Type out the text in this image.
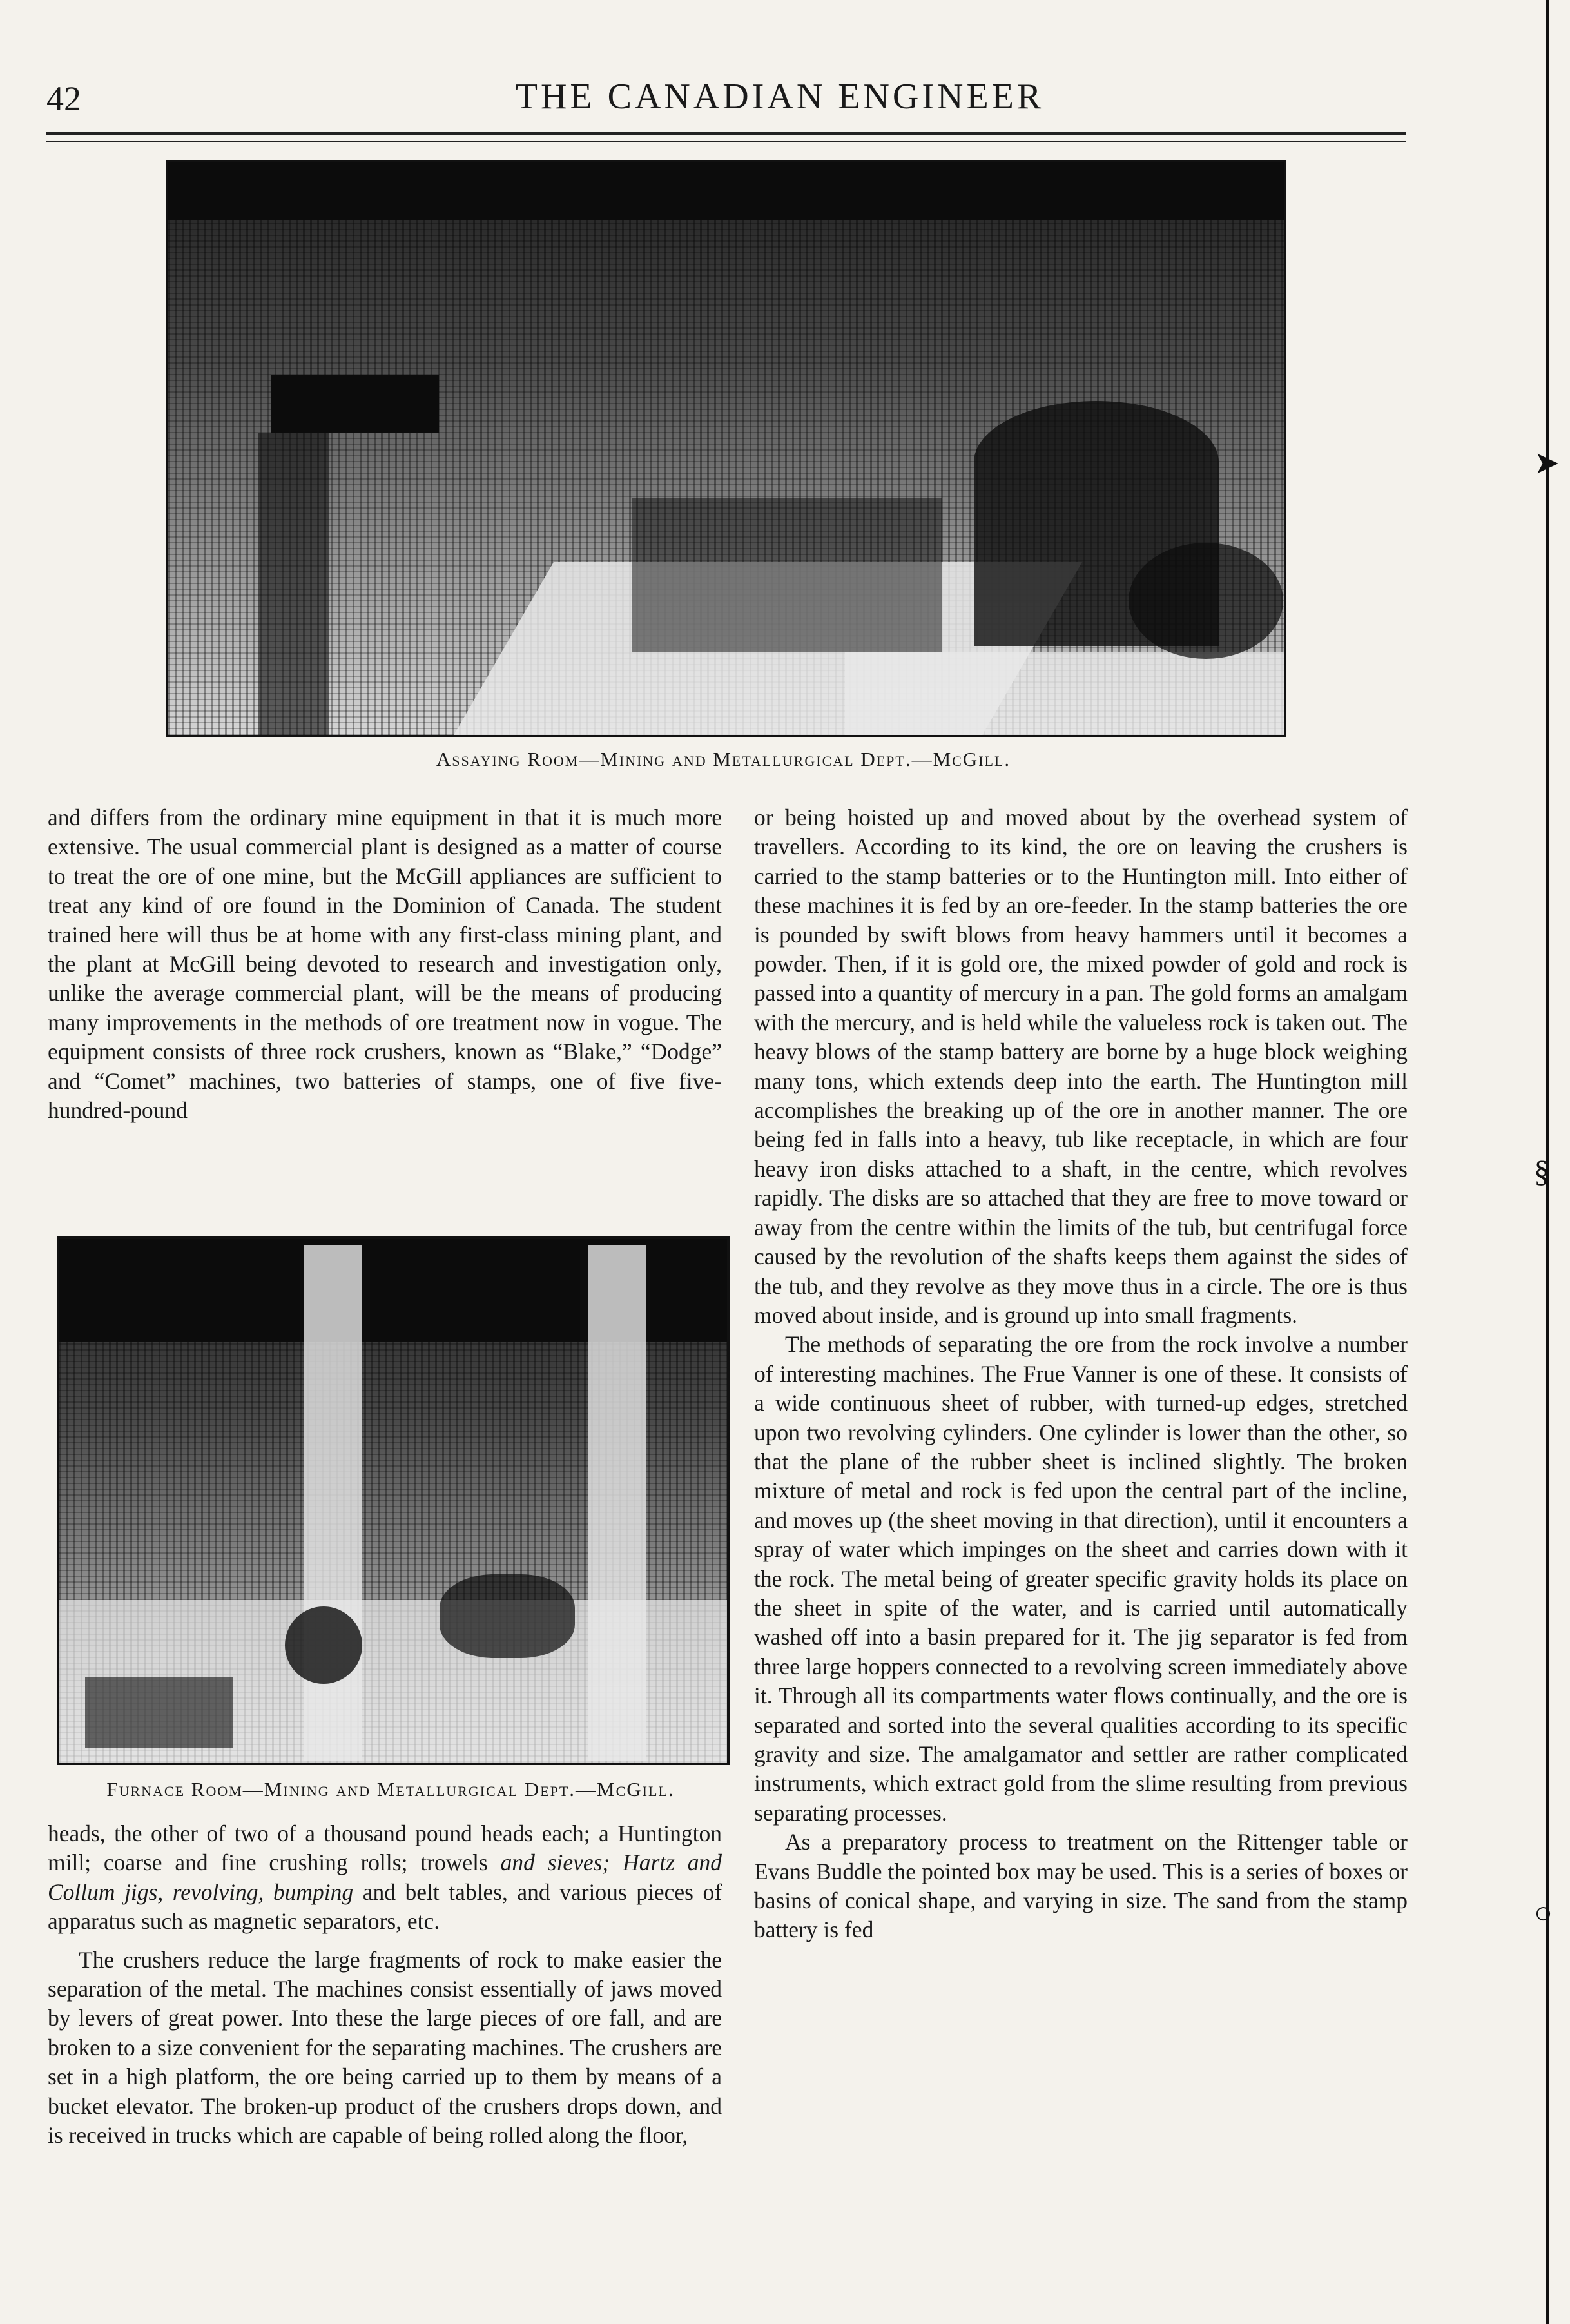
42	THE CANADIAN ENGINEER
Assaying Room—Mining and Metallurgical Dept.—McGill.
Furnace Room—Mining and Metallurgical Dept.—McGill.

and differs from the ordinary mine equipment in that it is much more extensive. The usual commercial plant is designed as a matter of course to treat the ore of one mine, but the McGill appliances are sufficient to treat any kind of ore found in the Dominion of Canada. The student trained here will thus be at home with any first-class mining plant, and the plant at McGill being devoted to research and investigation only, unlike the average commercial plant, will be the means of producing many improvements in the methods of ore treatment now in vogue. The equipment consists of three rock crushers, known as “Blake,” “Dodge” and “Comet” machines, two batteries of stamps, one of five five-hundred-pound

heads, the other of two of a thousand pound heads each; a Huntington mill; coarse and fine crushing rolls; trowels and sieves; Hartz and Collum jigs, revolving, bumping and belt tables, and various pieces of apparatus such as magnetic separators, etc.

The crushers reduce the large fragments of rock to make easier the separation of the metal. The machines consist essentially of jaws moved by levers of great power. Into these the large pieces of ore fall, and are broken to a size convenient for the separating machines. The crushers are set in a high platform, the ore being carried up to them by means of a bucket elevator. The broken-up product of the crushers drops down, and is received in trucks which are capable of being rolled along the floor,

or being hoisted up and moved about by the overhead system of travellers. According to its kind, the ore on leaving the crushers is carried to the stamp batteries or to the Huntington mill. Into either of these machines it is fed by an ore-feeder. In the stamp batteries the ore is pounded by swift blows from heavy hammers until it becomes a powder. Then, if it is gold ore, the mixed powder of gold and rock is passed into a quantity of mercury in a pan. The gold forms an amalgam with the mercury, and is held while the valueless rock is taken out. The heavy blows of the stamp battery are borne by a huge block weighing many tons, which extends deep into the earth. The Huntington mill accomplishes the breaking up of the ore in another manner. The ore being fed in falls into a heavy, tub like receptacle, in which are four heavy iron disks attached to a shaft, in the centre, which revolves rapidly. The disks are so attached that they are free to move toward or away from the centre within the limits of the tub, but centrifugal force caused by the revolution of the shafts keeps them against the sides of the tub, and they revolve as they move thus in a circle. The ore is thus moved about inside, and is ground up into small fragments.

The methods of separating the ore from the rock involve a number of interesting machines. The Frue Vanner is one of these. It consists of a wide continuous sheet of rubber, with turned-up edges, stretched upon two revolving cylinders. One cylinder is lower than the other, so that the plane of the rubber sheet is inclined slightly. The broken mixture of metal and rock is fed upon the central part of the incline, and moves up (the sheet moving in that direction), until it encounters a spray of water which impinges on the sheet and carries down with it the rock. The metal being of greater specific gravity holds its place on the sheet in spite of the water, and is carried until automatically washed off into a basin prepared for it. The jig separator is fed from three large hoppers connected to a revolving screen immediately above it. Through all its compartments water flows continually, and the ore is separated and sorted into the several qualities according to its specific gravity and size. The amalgamator and settler are rather complicated instruments, which extract gold from the slime resulting from previous separating processes.

As a preparatory process to treatment on the Rittenger table or Evans Buddle the pointed box may be used. This is a series of boxes or basins of conical shape, and varying in size. The sand from the stamp battery is fed

➤
§
○
